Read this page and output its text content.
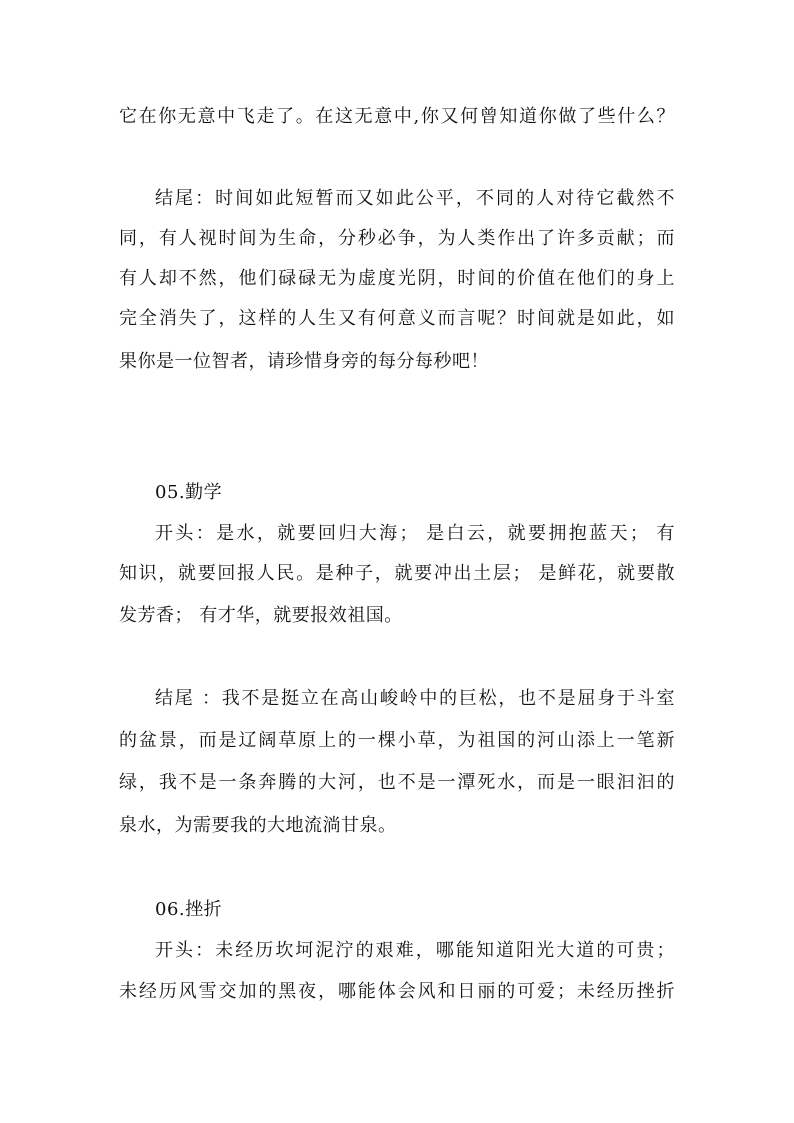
它在你无意中飞走了。在这无意中,你又何曾知道你做了些什么？
结尾：时间如此短暂而又如此公平，不同的人对待它截然不
同，有人视时间为生命，分秒必争，为人类作出了许多贡献；而
有人却不然，他们碌碌无为虚度光阴，时间的价值在他们的身上
完全消失了，这样的人生又有何意义而言呢？时间就是如此，如
果你是一位智者，请珍惜身旁的每分每秒吧！
05.勤学
开头：是水，就要回归大海； 是白云，就要拥抱蓝天； 有
知识，就要回报人民。是种子，就要冲出土层； 是鲜花，就要散
发芳香； 有才华，就要报效祖国。
结尾 ：我不是挺立在高山峻岭中的巨松，也不是屈身于斗室
的盆景，而是辽阔草原上的一棵小草，为祖国的河山添上一笔新
绿，我不是一条奔腾的大河，也不是一潭死水，而是一眼汩汩的
泉水，为需要我的大地流淌甘泉。
06.挫折
开头：未经历坎坷泥泞的艰难，哪能知道阳光大道的可贵；
未经历风雪交加的黑夜，哪能体会风和日丽的可爱；未经历挫折
